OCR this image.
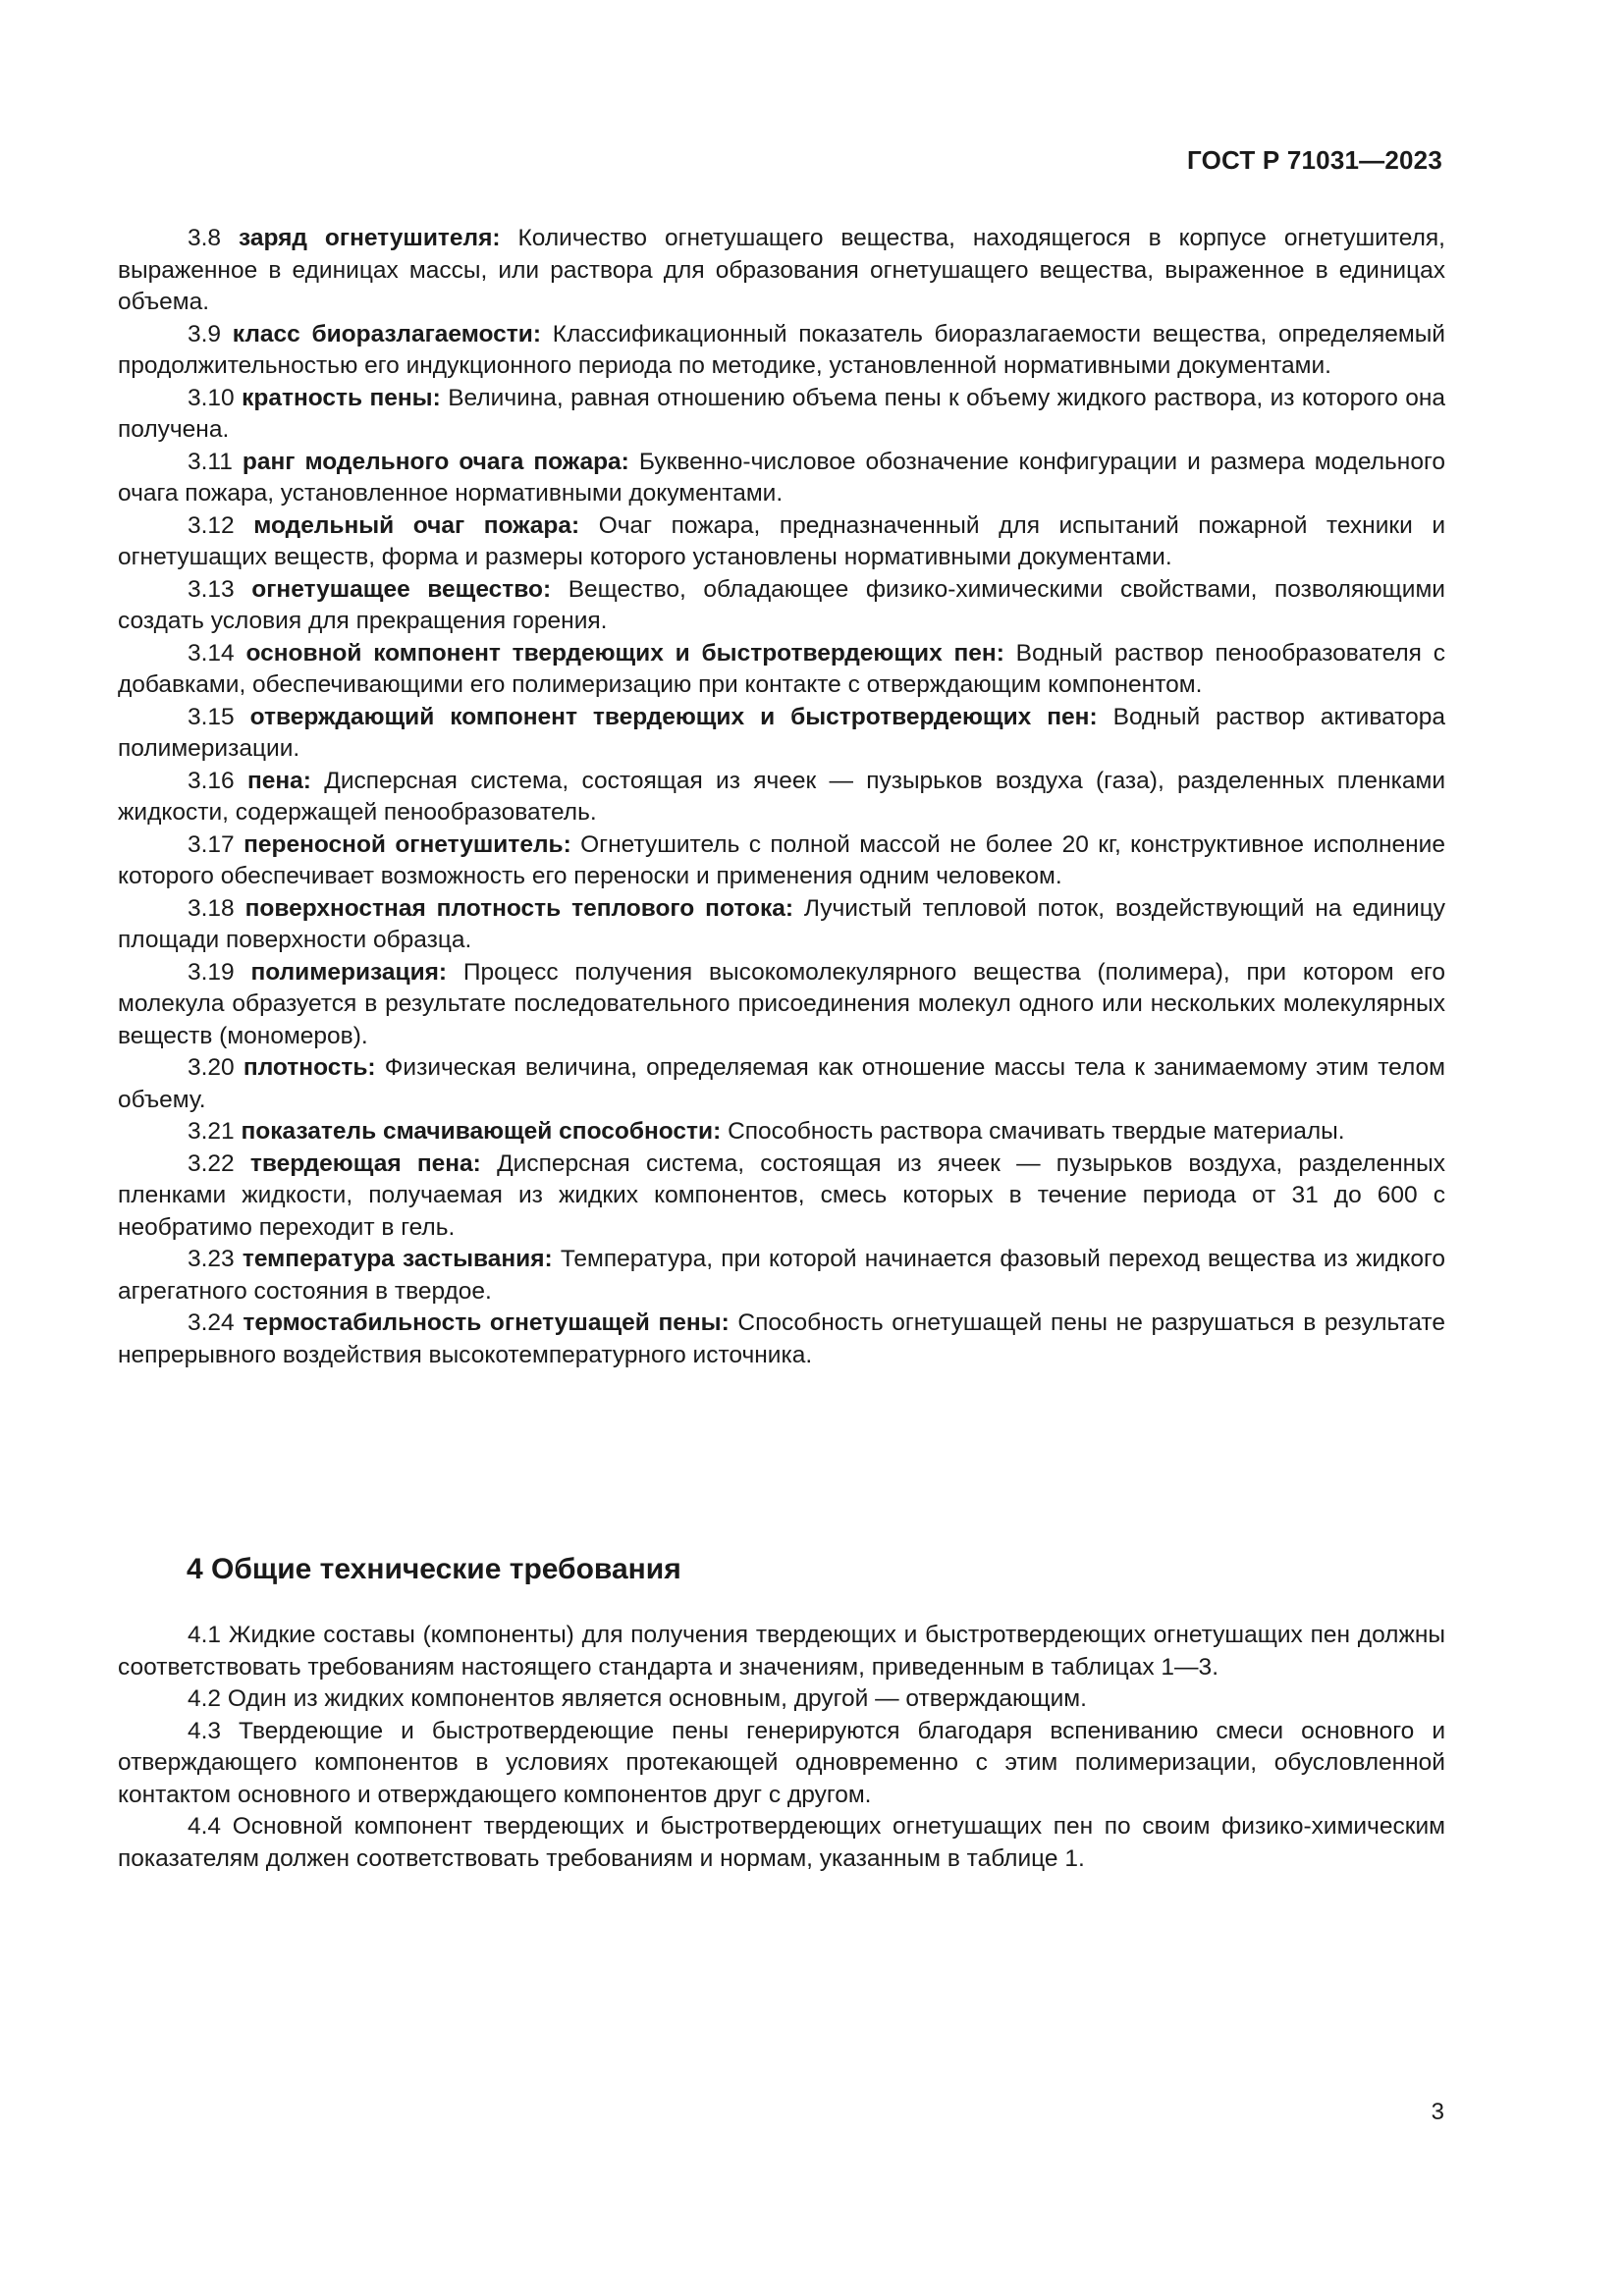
ГОСТ Р 71031—2023

3.8 заряд огнетушителя: Количество огнетушащего вещества, находящегося в корпусе огнетушителя, выраженное в единицах массы, или раствора для образования огнетушащего вещества, выраженное в единицах объема.

3.9 класс биоразлагаемости: Классификационный показатель биоразлагаемости вещества, определяемый продолжительностью его индукционного периода по методике, установленной нормативными документами.

3.10 кратность пены: Величина, равная отношению объема пены к объему жидкого раствора, из которого она получена.

3.11 ранг модельного очага пожара: Буквенно-числовое обозначение конфигурации и размера модельного очага пожара, установленное нормативными документами.

3.12 модельный очаг пожара: Очаг пожара, предназначенный для испытаний пожарной техники и огнетушащих веществ, форма и размеры которого установлены нормативными документами.

3.13 огнетушащее вещество: Вещество, обладающее физико-химическими свойствами, позволяющими создать условия для прекращения горения.

3.14 основной компонент твердеющих и быстротвердеющих пен: Водный раствор пенообразователя с добавками, обеспечивающими его полимеризацию при контакте с отверждающим компонентом.

3.15 отверждающий компонент твердеющих и быстротвердеющих пен: Водный раствор активатора полимеризации.

3.16 пена: Дисперсная система, состоящая из ячеек — пузырьков воздуха (газа), разделенных пленками жидкости, содержащей пенообразователь.

3.17 переносной огнетушитель: Огнетушитель с полной массой не более 20 кг, конструктивное исполнение которого обеспечивает возможность его переноски и применения одним человеком.

3.18 поверхностная плотность теплового потока: Лучистый тепловой поток, воздействующий на единицу площади поверхности образца.

3.19 полимеризация: Процесс получения высокомолекулярного вещества (полимера), при котором его молекула образуется в результате последовательного присоединения молекул одного или нескольких молекулярных веществ (мономеров).

3.20 плотность: Физическая величина, определяемая как отношение массы тела к занимаемому этим телом объему.

3.21 показатель смачивающей способности: Способность раствора смачивать твердые материалы.

3.22 твердеющая пена: Дисперсная система, состоящая из ячеек — пузырьков воздуха, разделенных пленками жидкости, получаемая из жидких компонентов, смесь которых в течение периода от 31 до 600 с необратимо переходит в гель.

3.23 температура застывания: Температура, при которой начинается фазовый переход вещества из жидкого агрегатного состояния в твердое.

3.24 термостабильность огнетушащей пены: Способность огнетушащей пены не разрушаться в результате непрерывного воздействия высокотемпературного источника.

4 Общие технические требования

4.1 Жидкие составы (компоненты) для получения твердеющих и быстротвердеющих огнетушащих пен должны соответствовать требованиям настоящего стандарта и значениям, приведенным в таблицах 1—3.

4.2 Один из жидких компонентов является основным, другой — отверждающим.

4.3 Твердеющие и быстротвердеющие пены генерируются благодаря вспениванию смеси основного и отверждающего компонентов в условиях протекающей одновременно с этим полимеризации, обусловленной контактом основного и отверждающего компонентов друг с другом.

4.4 Основной компонент твердеющих и быстротвердеющих огнетушащих пен по своим физико-химическим показателям должен соответствовать требованиям и нормам, указанным в таблице 1.

3
